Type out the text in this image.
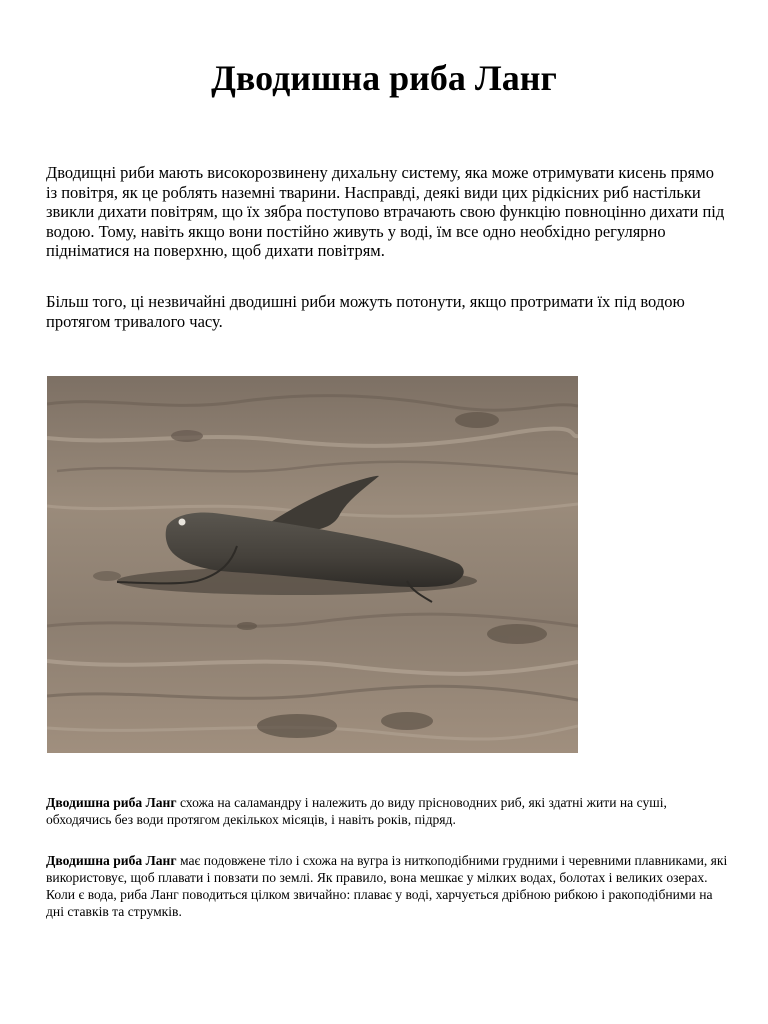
Дводишна риба Ланг

Дводищні риби мають високорозвинену дихальну систему, яка може отримувати кисень прямо із повітря, як це роблять наземні тварини. Насправді, деякі види цих рідкісних риб настільки звикли дихати повітрям, що їх зябра поступово втрачають свою функцію повноцінно дихати під водою. Тому, навіть якщо вони постійно живуть у воді, їм все одно необхідно регулярно підніматися на поверхню, щоб дихати повітрям.

Більш того, ці незвичайні дводишні риби можуть потонути, якщо протримати їх під водою протягом тривалого часу.

Дводишна риба Ланг схожа на саламандру і належить до виду прісноводних риб, які здатні жити на суші, обходячись без води протягом декількох місяців, і навіть років, підряд.

Дводишна риба Ланг має подовжене тіло і схожа на вугра із ниткоподібними грудними і черевними плавниками, які використовує, щоб плавати і повзати по землі. Як правило, вона мешкає у мілких водах, болотах і великих озерах. Коли є вода, риба Ланг поводиться цілком звичайно: плаває у воді, харчується дрібною рибкою і ракоподібними на дні ставків та струмків.
